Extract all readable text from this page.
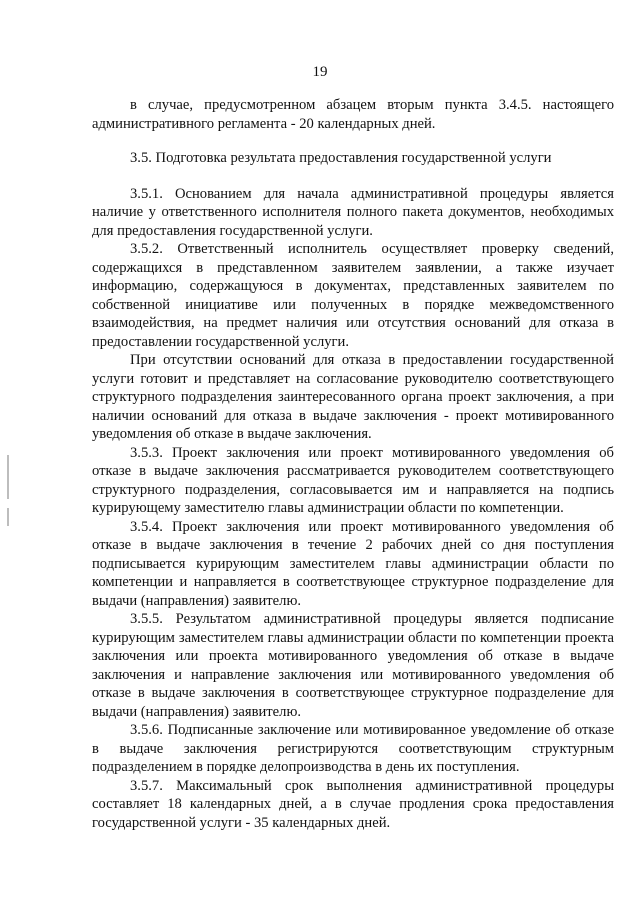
19

в случае, предусмотренном абзацем вторым пункта 3.4.5. настоящего административного регламента - 20 календарных дней.

3.5. Подготовка результата предоставления государственной услуги

3.5.1. Основанием для начала административной процедуры является наличие у ответственного исполнителя полного пакета документов, необходимых для предоставления государственной услуги.

3.5.2. Ответственный исполнитель осуществляет проверку сведений, содержащихся в представленном заявителем заявлении, а также изучает информацию, содержащуюся в документах, представленных заявителем по собственной инициативе или полученных в порядке межведомственного взаимодействия, на предмет наличия или отсутствия оснований для отказа в предоставлении государственной услуги.

При отсутствии оснований для отказа в предоставлении государственной услуги готовит и представляет на согласование руководителю соответствующего структурного подразделения заинтересованного органа проект заключения, а при наличии оснований для отказа в выдаче заключения - проект мотивированного уведомления об отказе в выдаче заключения.

3.5.3. Проект заключения или проект мотивированного уведомления об отказе в выдаче заключения рассматривается руководителем соответствующего структурного подразделения, согласовывается им и направляется на подпись курирующему заместителю главы администрации области по компетенции.

3.5.4. Проект заключения или проект мотивированного уведомления об отказе в выдаче заключения в течение 2 рабочих дней со дня поступления подписывается курирующим заместителем главы администрации области по компетенции и направляется в соответствующее структурное подразделение для выдачи (направления) заявителю.

3.5.5. Результатом административной процедуры является подписание курирующим заместителем главы администрации области по компетенции проекта заключения или проекта мотивированного уведомления об отказе в выдаче заключения и направление заключения или мотивированного уведомления об отказе в выдаче заключения в соответствующее структурное подразделение для выдачи (направления) заявителю.

3.5.6. Подписанные заключение или мотивированное уведомление об отказе в выдаче заключения регистрируются соответствующим структурным подразделением в порядке делопроизводства в день их поступления.

3.5.7. Максимальный срок выполнения административной процедуры составляет 18 календарных дней, а в случае продления срока предоставления государственной услуги - 35 календарных дней.
